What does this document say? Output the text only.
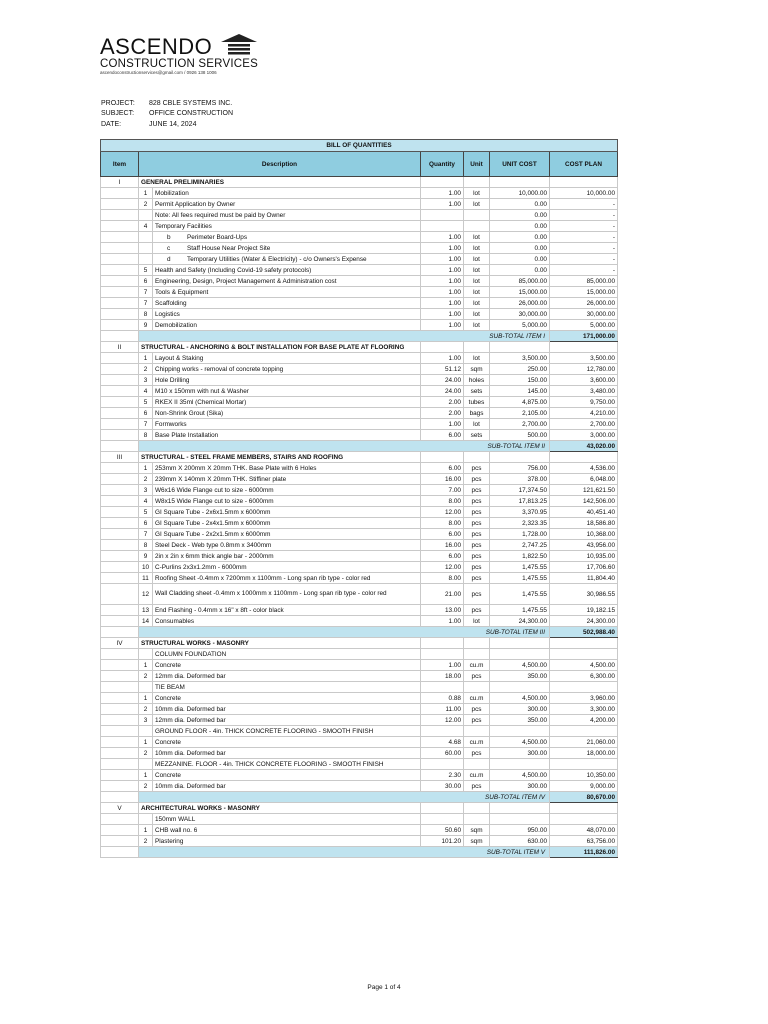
ASCENDO
CONSTRUCTION SERVICES
ascendoconstructionservices@gmail.com / 0926 138 1006
PROJECT:	828 CBLE SYSTEMS INC.
SUBJECT:	OFFICE CONSTRUCTION
DATE:	JUNE 14, 2024
BILL OF QUANTITIES						
Item	Description		Quantity	Unit	UNIT COST	COST PLAN
I	GENERAL PRELIMINARIES					
	1	Mobilization	1.00	lot	10,000.00	10,000.00
	2	Permit Application by Owner	1.00	lot	0.00	-
		Note: All fees required must be paid by Owner			0.00	-
	4	Temporary Facilities			0.00	-
		b Perimeter Board-Ups	1.00	lot	0.00	-
		c Staff House Near Project Site	1.00	lot	0.00	-
		d Temporary Utilities (Water & Electricity) - c/o Owners's Expense	1.00	lot	0.00	-
	5	Health and Safety (Including Covid-19 safety protocols)	1.00	lot	0.00	-
	6	Engineering, Design, Project Management & Administration cost	1.00	lot	85,000.00	85,000.00
	7	Tools & Equipment	1.00	lot	15,000.00	15,000.00
	7	Scaffolding	1.00	lot	26,000.00	26,000.00
	8	Logistics	1.00	lot	30,000.00	30,000.00
	9	Demobilization	1.00	lot	5,000.00	5,000.00
	SUB-TOTAL ITEM I					171,000.00
II	STRUCTURAL - ANCHORING & BOLT INSTALLATION FOR BASE PLATE AT FLOORING					
	1	Layout & Staking	1.00	lot	3,500.00	3,500.00
	2	Chipping works - removal of concrete topping	51.12	sqm	250.00	12,780.00
	3	Hole Drilling	24.00	holes	150.00	3,600.00
	4	M10 x 150mm with nut & Washer	24.00	sets	145.00	3,480.00
	5	RKEX II 35ml (Chemical Mortar)	2.00	tubes	4,875.00	9,750.00
	6	Non-Shrink Grout (Sika)	2.00	bags	2,105.00	4,210.00
	7	Formworks	1.00	lot	2,700.00	2,700.00
	8	Base Plate Installation	6.00	sets	500.00	3,000.00
	SUB-TOTAL ITEM II					43,020.00
III	STRUCTURAL - STEEL FRAME MEMBERS, STAIRS AND ROOFING					
	1	253mm X 200mm X 20mm THK. Base Plate with 6 Holes	6.00	pcs	756.00	4,536.00
	2	239mm X 140mm X 20mm THK. Stiffiner plate	16.00	pcs	378.00	6,048.00
	3	W6x16 Wide Flange cut to size - 6000mm	7.00	pcs	17,374.50	121,621.50
	4	W8x15 Wide Flange cut to size - 6000mm	8.00	pcs	17,813.25	142,506.00
	5	GI Square Tube - 2x6x1.5mm x 6000mm	12.00	pcs	3,370.95	40,451.40
	6	GI Square Tube - 2x4x1.5mm x 6000mm	8.00	pcs	2,323.35	18,586.80
	7	GI Square Tube - 2x2x1.5mm x 6000mm	6.00	pcs	1,728.00	10,368.00
	8	Steel Deck - Web type 0.8mm x 3400mm	16.00	pcs	2,747.25	43,956.00
	9	2in x 2in x 6mm thick angle bar - 2000mm	6.00	pcs	1,822.50	10,935.00
	10	C-Purlins 2x3x1.2mm - 6000mm	12.00	pcs	1,475.55	17,706.60
	11	Roofing Sheet -0.4mm x 7200mm x 1100mm - Long span rib type - color red	8.00	pcs	1,475.55	11,804.40
	12	Wall Cladding sheet -0.4mm x 1000mm x 1100mm - Long span rib type - color red	21.00	pcs	1,475.55	30,986.55
	13	End Flashing - 0.4mm x 16" x 8ft - color black	13.00	pcs	1,475.55	19,182.15
	14	Consumables	1.00	lot	24,300.00	24,300.00
	SUB-TOTAL ITEM III					502,988.40
IV	STRUCTURAL WORKS - MASONRY					
		COLUMN FOUNDATION				
	1	Concrete	1.00	cu.m	4,500.00	4,500.00
	2	12mm dia. Deformed bar	18.00	pcs	350.00	6,300.00
		TIE BEAM				
	1	Concrete	0.88	cu.m	4,500.00	3,960.00
	2	10mm dia. Deformed bar	11.00	pcs	300.00	3,300.00
	3	12mm dia. Deformed bar	12.00	pcs	350.00	4,200.00
		GROUND FLOOR - 4in. THICK CONCRETE FLOORING - SMOOTH FINISH				
	1	Concrete	4.68	cu.m	4,500.00	21,060.00
	2	10mm dia. Deformed bar	60.00	pcs	300.00	18,000.00
		MEZZANINE. FLOOR - 4in. THICK CONCRETE FLOORING - SMOOTH FINISH				
	1	Concrete	2.30	cu.m	4,500.00	10,350.00
	2	10mm dia. Deformed bar	30.00	pcs	300.00	9,000.00
	SUB-TOTAL ITEM IV					80,670.00
V	ARCHITECTURAL WORKS - MASONRY					
		150mm WALL				
	1	CHB wall no. 6	50.60	sqm	950.00	48,070.00
	2	Plastering	101.20	sqm	630.00	63,756.00
	SUB-TOTAL ITEM V					111,826.00
Page 1 of 4
